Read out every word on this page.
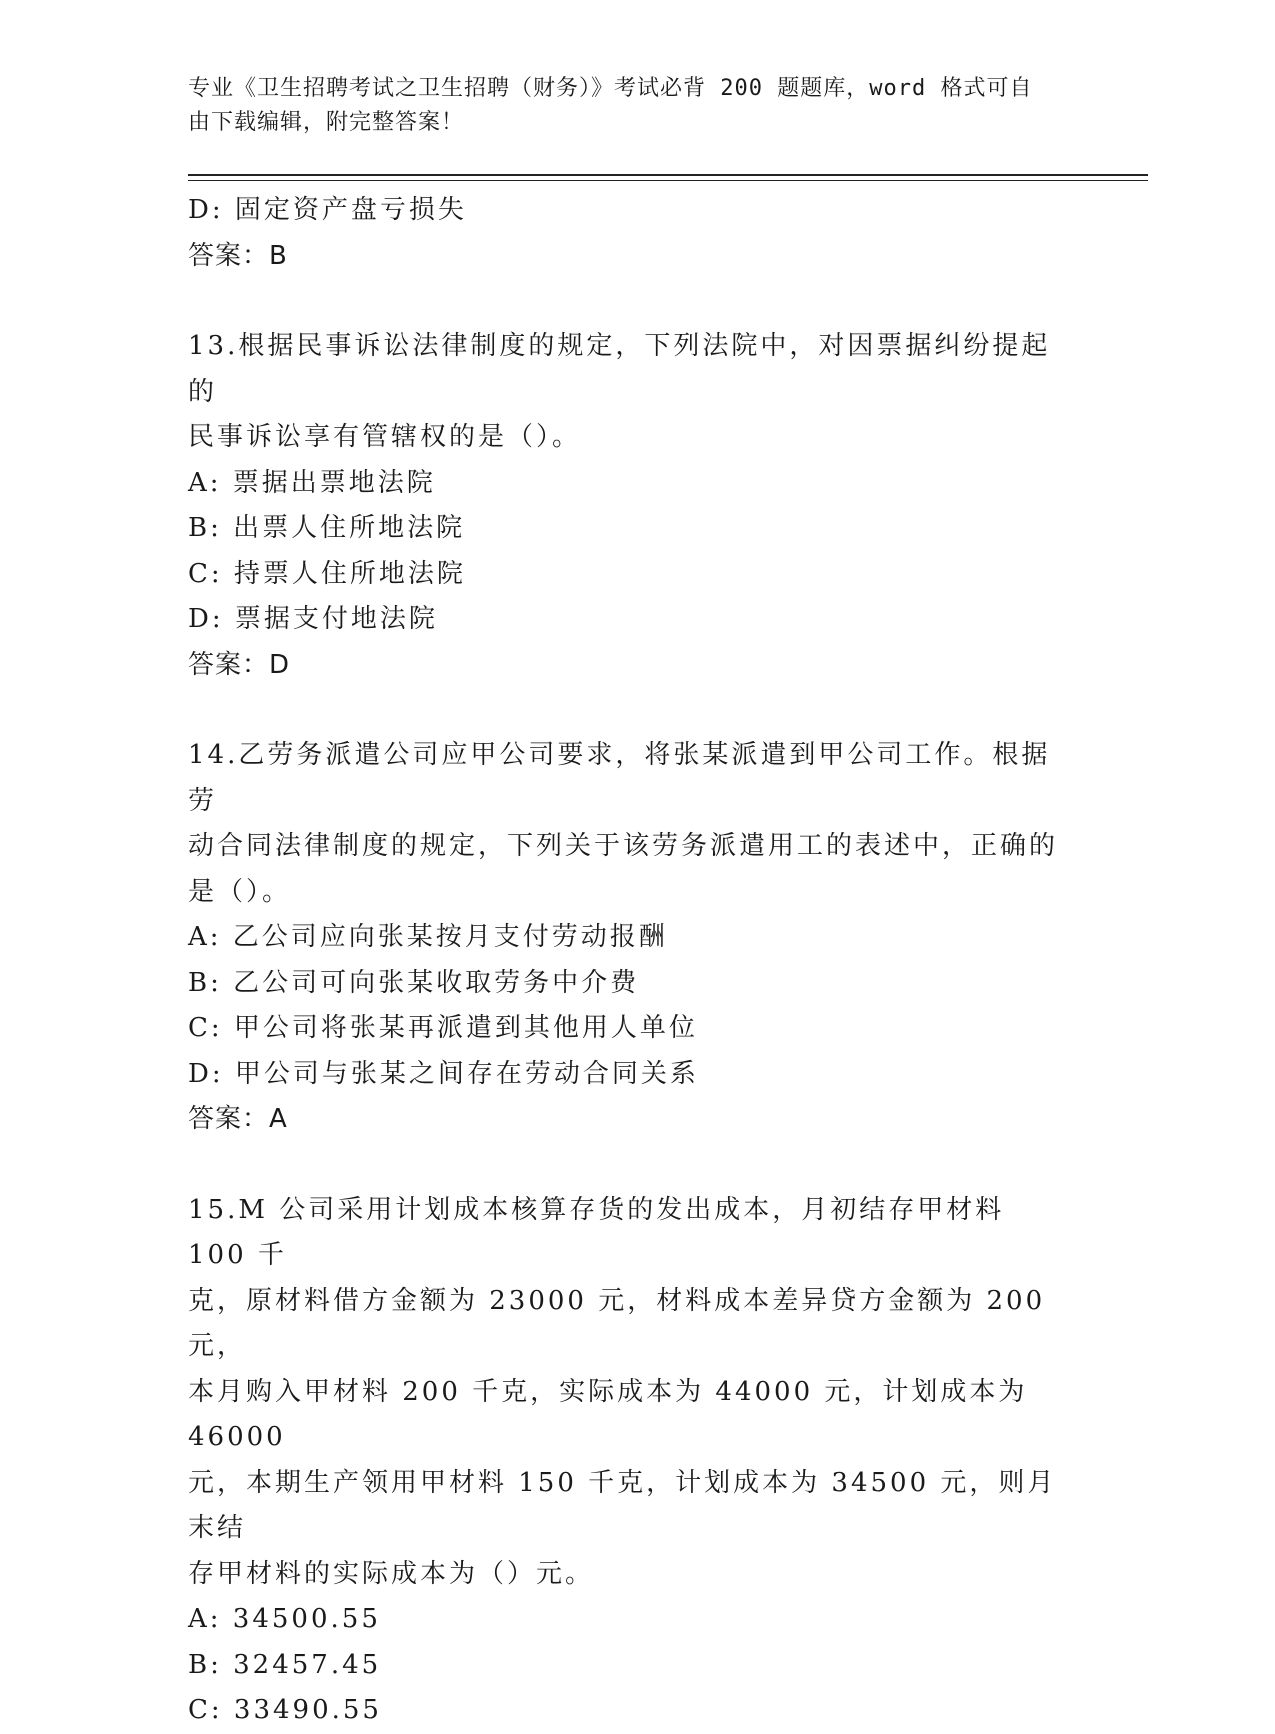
专业《卫生招聘考试之卫生招聘（财务）》考试必背 200 题题库，word 格式可自
由下载编辑，附完整答案！
D: 固定资产盘亏损失
答案：B
13.根据民事诉讼法律制度的规定，下列法院中，对因票据纠纷提起的
民事诉讼享有管辖权的是（）。
A: 票据出票地法院
B: 出票人住所地法院
C: 持票人住所地法院
D: 票据支付地法院
答案：D
14.乙劳务派遣公司应甲公司要求，将张某派遣到甲公司工作。根据劳
动合同法律制度的规定，下列关于该劳务派遣用工的表述中，正确的
是（）。
A: 乙公司应向张某按月支付劳动报酬
B: 乙公司可向张某收取劳务中介费
C: 甲公司将张某再派遣到其他用人单位
D: 甲公司与张某之间存在劳动合同关系
答案：A
15.M 公司采用计划成本核算存货的发出成本，月初结存甲材料 100 千
克，原材料借方金额为 23000 元，材料成本差异贷方金额为 200 元，
本月购入甲材料 200 千克，实际成本为 44000 元，计划成本为 46000
元，本期生产领用甲材料 150 千克，计划成本为 34500 元，则月末结
存甲材料的实际成本为（）元。
A: 34500.55
B: 32457.45
C: 33490.55
